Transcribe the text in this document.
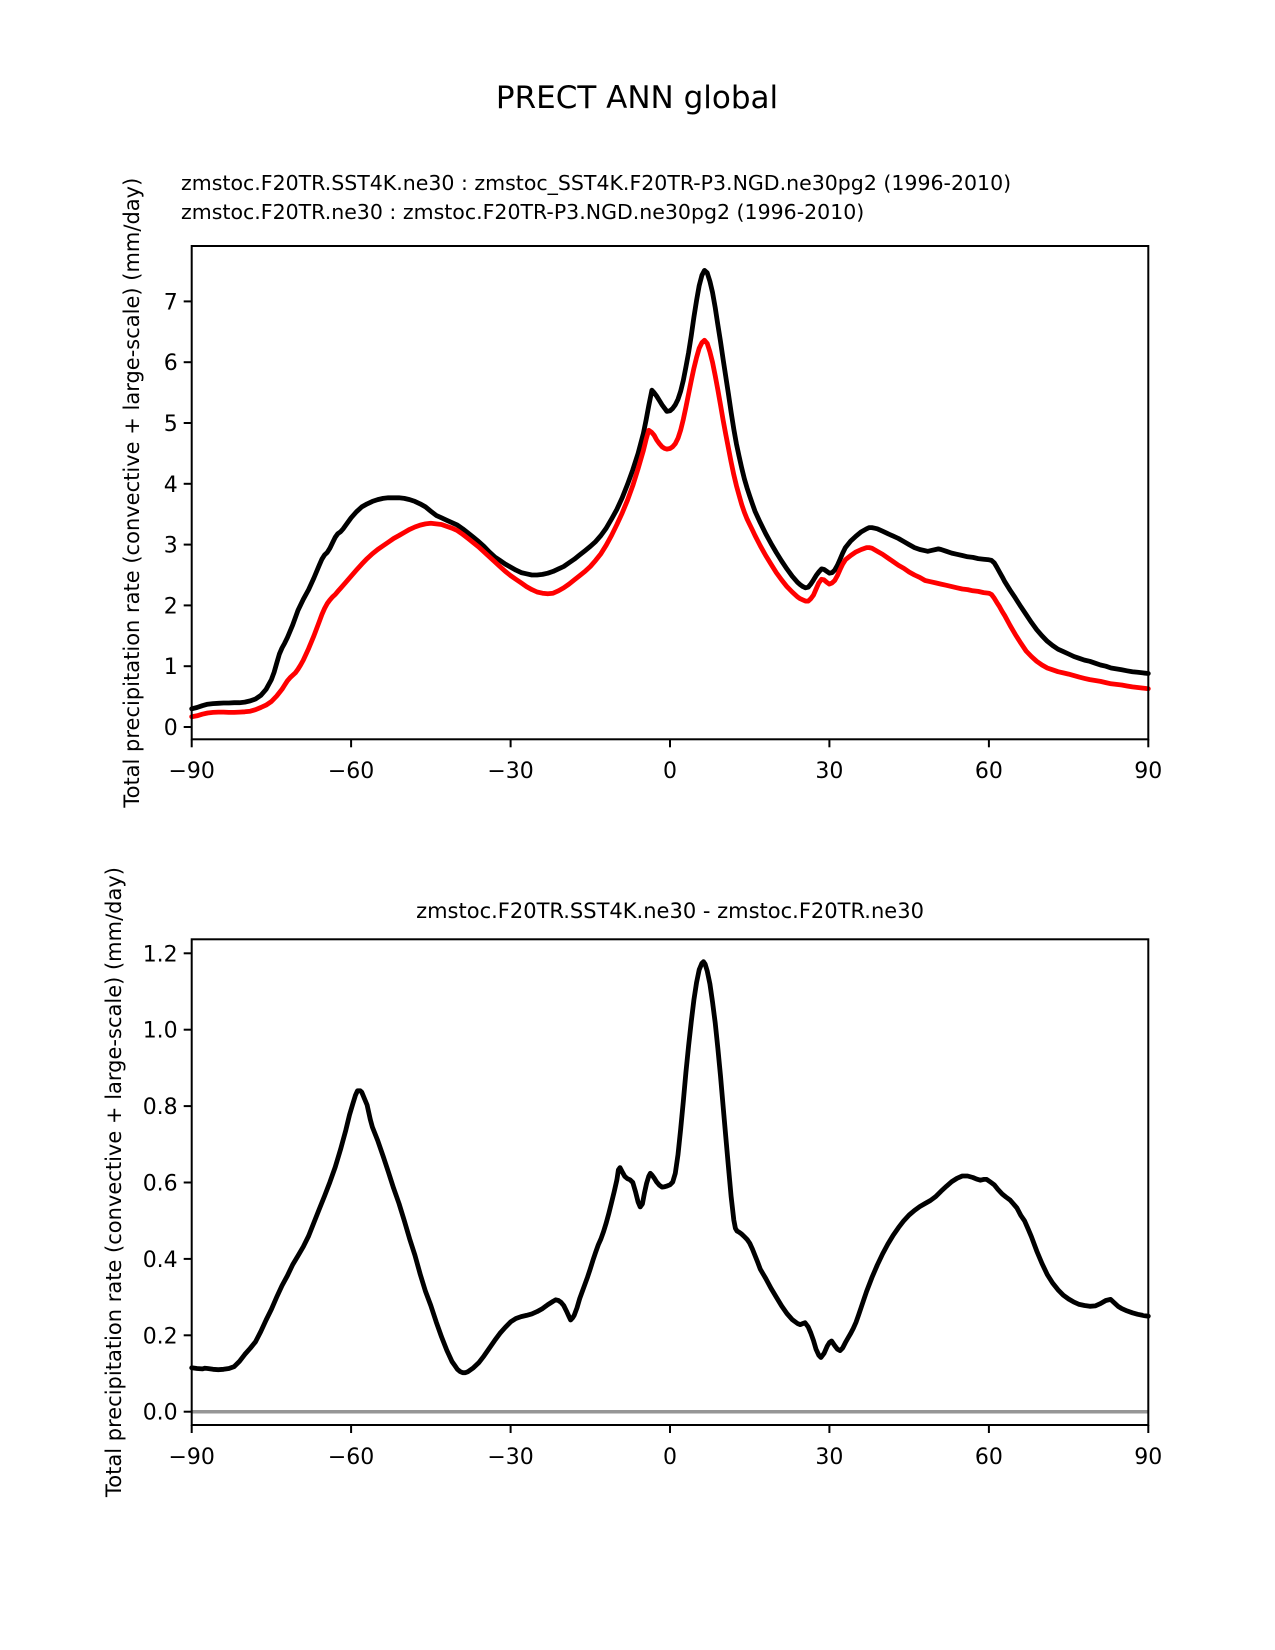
PRECT ANN global
zmstoc.F20TR.SST4K.ne30 : zmstoc_SST4K.F20TR-P3.NGD.ne30pg2 (1996-2010)
zmstoc.F20TR.ne30 : zmstoc.F20TR-P3.NGD.ne30pg2 (1996-2010)
Total precipitation rate (convective + large-scale) (mm/day) −90	−60	−30	0	30	60	90
0
1
2
3
4
5
6
7
zmstoc.F20TR.SST4K.ne30 - zmstoc.F20TR.ne30
Total precipitation rate (convective + large-scale) (mm/day) −90	−60	−30	0	30	60	90
0.0
0.2
0.4
0.6
0.8
1.0
1.2
